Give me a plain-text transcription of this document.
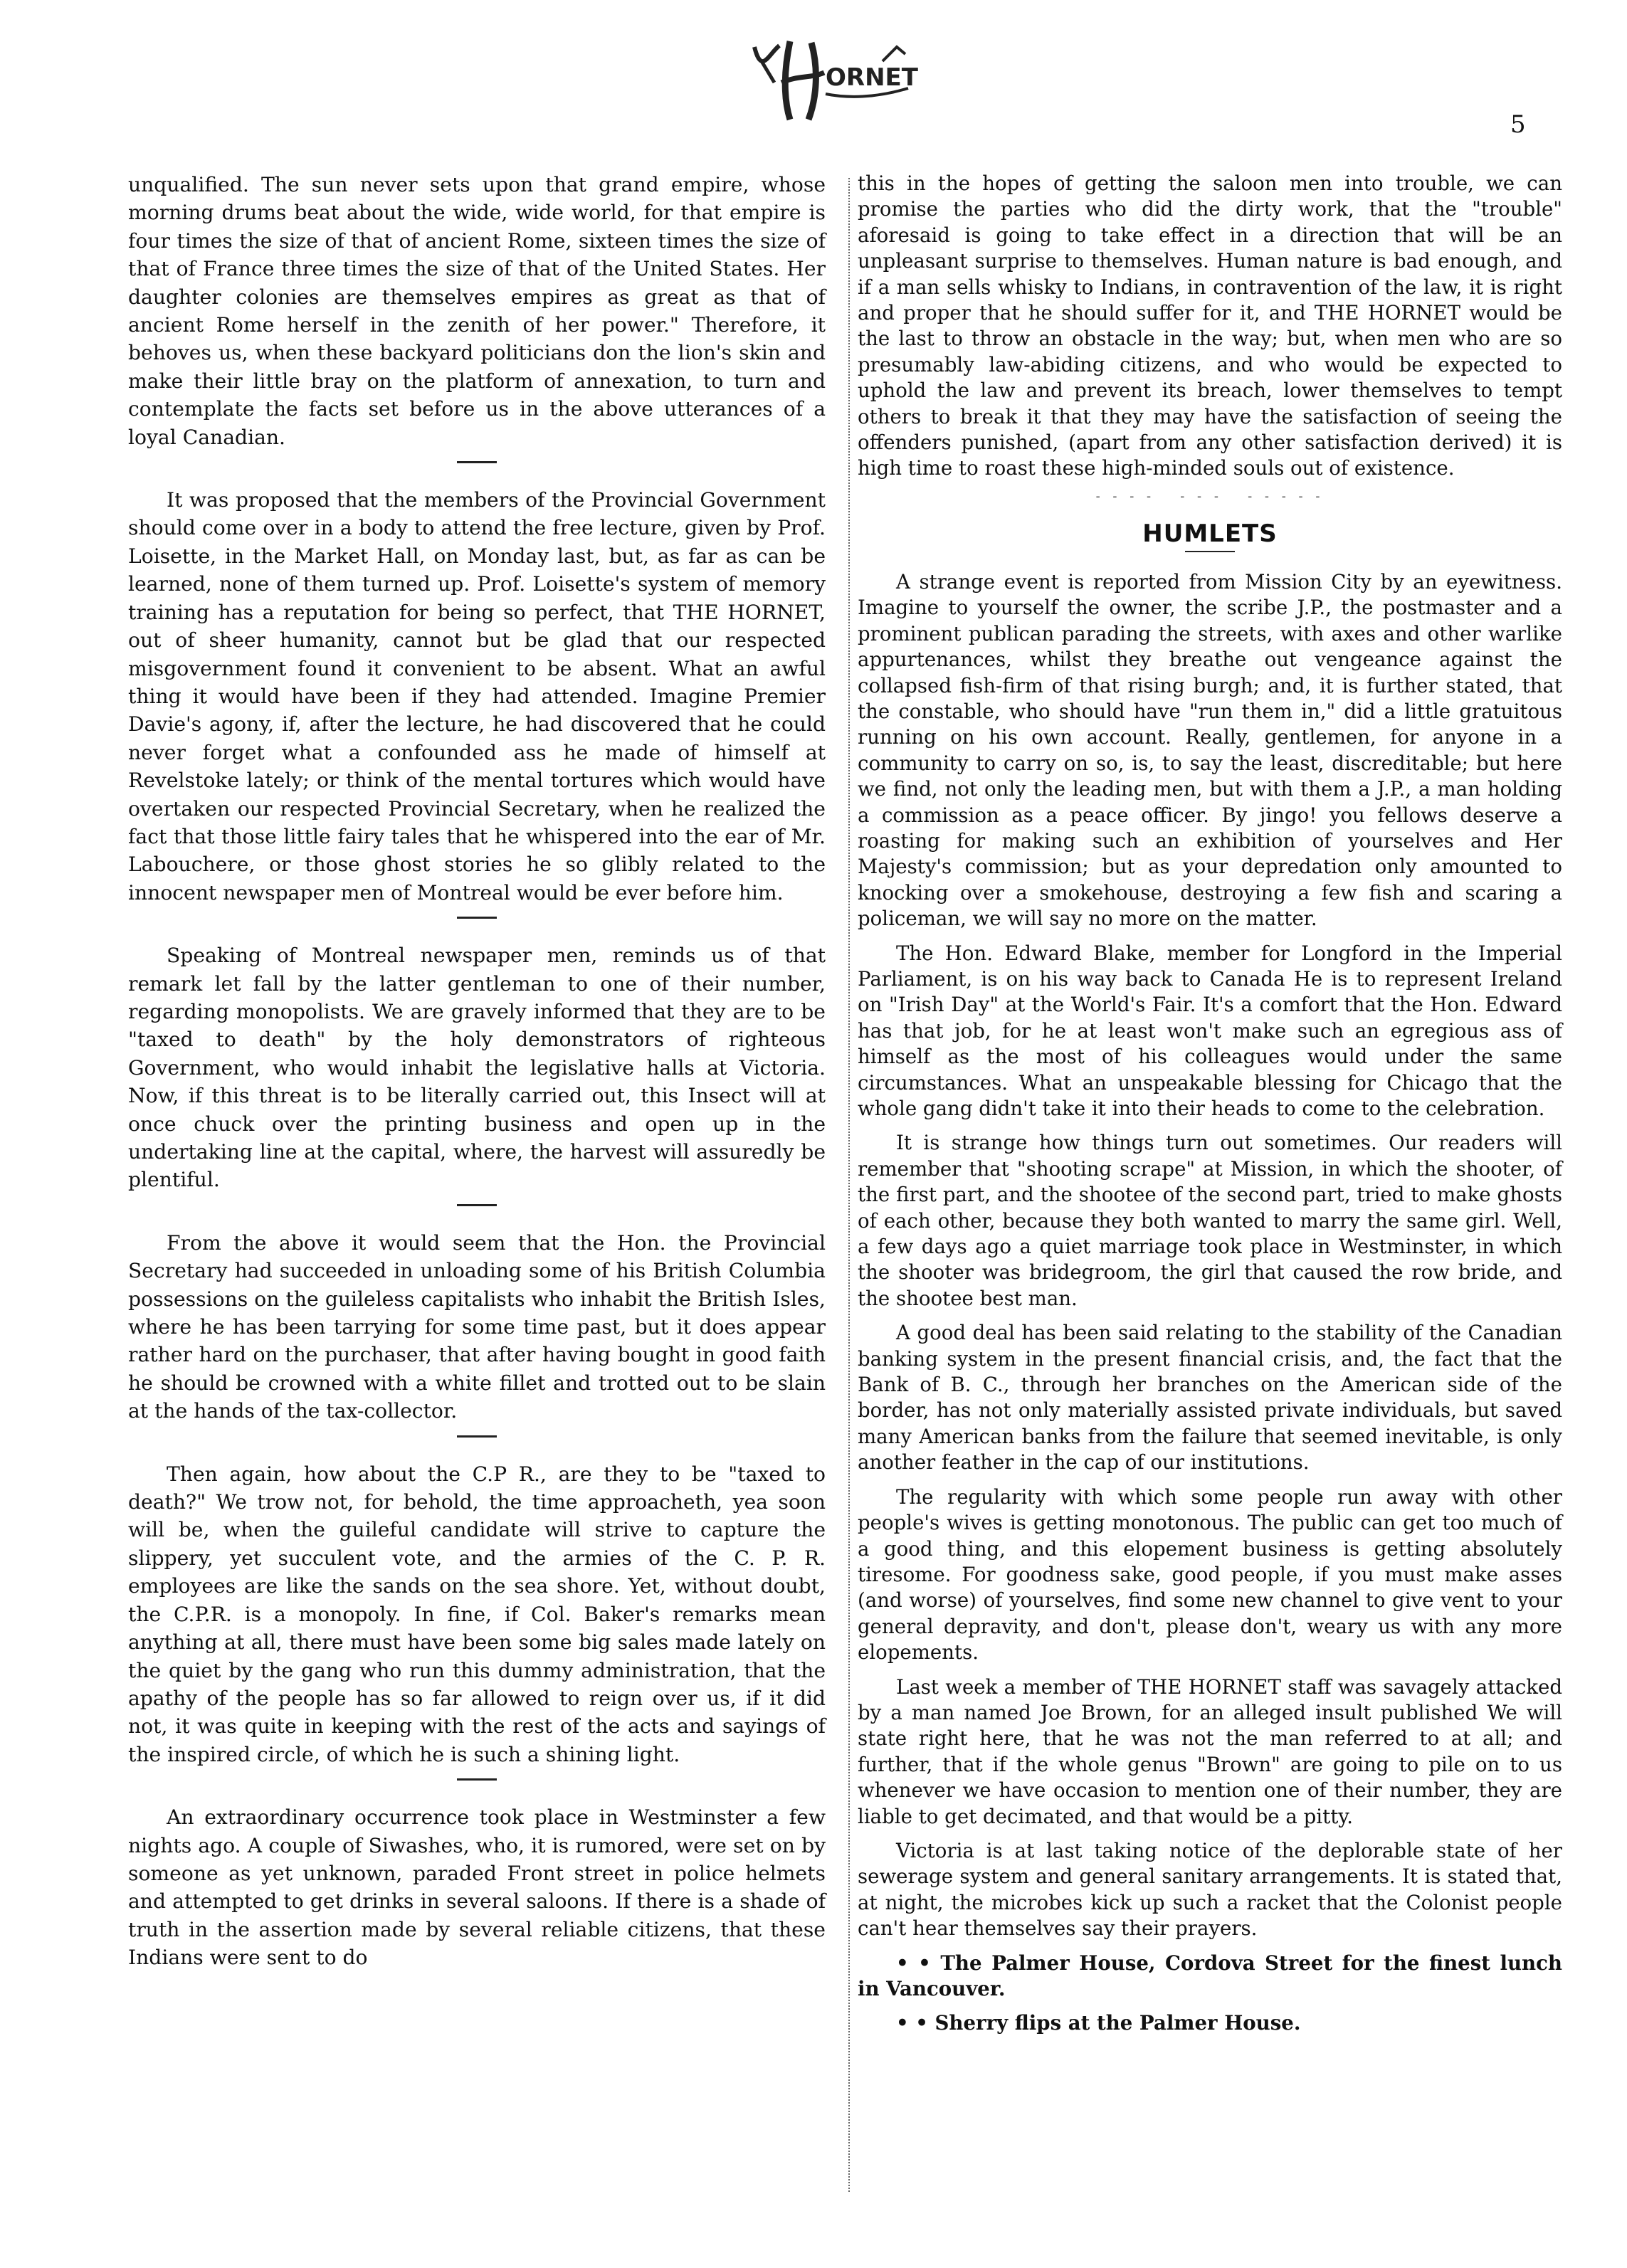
ORNET
5

unqualified. The sun never sets upon that grand empire, whose morning drums beat about the wide, wide world, for that empire is four times the size of that of ancient Rome, sixteen times the size of that of France three times the size of that of the United States. Her daughter colonies are themselves empires as great as that of ancient Rome herself in the zenith of her power." Therefore, it behoves us, when these backyard politicians don the lion's skin and make their little bray on the platform of annexation, to turn and contemplate the facts set before us in the above utterances of a loyal Canadian.

It was proposed that the members of the Provincial Government should come over in a body to attend the free lecture, given by Prof. Loisette, in the Market Hall, on Monday last, but, as far as can be learned, none of them turned up. Prof. Loisette's system of memory training has a reputation for being so perfect, that THE HORNET, out of sheer humanity, cannot but be glad that our respected misgovernment found it convenient to be absent. What an awful thing it would have been if they had attended. Imagine Premier Davie's agony, if, after the lecture, he had discovered that he could never forget what a confounded ass he made of himself at Revelstoke lately; or think of the mental tortures which would have overtaken our respected Provincial Secretary, when he realized the fact that those little fairy tales that he whispered into the ear of Mr. Labouchere, or those ghost stories he so glibly related to the innocent newspaper men of Montreal would be ever before him.

Speaking of Montreal newspaper men, reminds us of that remark let fall by the latter gentleman to one of their number, regarding monopolists. We are gravely informed that they are to be "taxed to death" by the holy demonstrators of righteous Government, who would inhabit the legislative halls at Victoria. Now, if this threat is to be literally carried out, this Insect will at once chuck over the printing business and open up in the undertaking line at the capital, where, the harvest will assuredly be plentiful.

From the above it would seem that the Hon. the Provincial Secretary had succeeded in unloading some of his British Columbia possessions on the guileless capitalists who inhabit the British Isles, where he has been tarrying for some time past, but it does appear rather hard on the purchaser, that after having bought in good faith he should be crowned with a white fillet and trotted out to be slain at the hands of the tax-collector.

Then again, how about the C.P R., are they to be "taxed to death?" We trow not, for behold, the time approacheth, yea soon will be, when the guileful candidate will strive to capture the slippery, yet succulent vote, and the armies of the C. P. R. employees are like the sands on the sea shore. Yet, without doubt, the C.P.R. is a monopoly. In fine, if Col. Baker's remarks mean anything at all, there must have been some big sales made lately on the quiet by the gang who run this dummy administration, that the apathy of the people has so far allowed to reign over us, if it did not, it was quite in keeping with the rest of the acts and sayings of the inspired circle, of which he is such a shining light.

An extraordinary occurrence took place in Westminster a few nights ago. A couple of Siwashes, who, it is rumored, were set on by someone as yet unknown, paraded Front street in police helmets and attempted to get drinks in several saloons. If there is a shade of truth in the assertion made by several reliable citizens, that these Indians were sent to do

this in the hopes of getting the saloon men into trouble, we can promise the parties who did the dirty work, that the "trouble" aforesaid is going to take effect in a direction that will be an unpleasant surprise to themselves. Human nature is bad enough, and if a man sells whisky to Indians, in contravention of the law, it is right and proper that he should suffer for it, and THE HORNET would be the last to throw an obstacle in the way; but, when men who are so presumably law-abiding citizens, and who would be expected to uphold the law and prevent its breach, lower themselves to tempt others to break it that they may have the satisfaction of seeing the offenders punished, (apart from any other satisfaction derived) it is high time to roast these high-minded souls out of existence.

- - - -   - - -   - - - - -
HUMLETS

A strange event is reported from Mission City by an eyewitness. Imagine to yourself the owner, the scribe J.P., the postmaster and a prominent publican parading the streets, with axes and other warlike appurtenances, whilst they breathe out vengeance against the collapsed fish-firm of that rising burgh; and, it is further stated, that the constable, who should have "run them in," did a little gratuitous running on his own account. Really, gentlemen, for anyone in a community to carry on so, is, to say the least, discreditable; but here we find, not only the leading men, but with them a J.P., a man holding a commission as a peace officer. By jingo! you fellows deserve a roasting for making such an exhibition of yourselves and Her Majesty's commission; but as your depredation only amounted to knocking over a smokehouse, destroying a few fish and scaring a policeman, we will say no more on the matter.

The Hon. Edward Blake, member for Longford in the Imperial Parliament, is on his way back to Canada He is to represent Ireland on "Irish Day" at the World's Fair. It's a comfort that the Hon. Edward has that job, for he at least won't make such an egregious ass of himself as the most of his colleagues would under the same circumstances. What an unspeakable blessing for Chicago that the whole gang didn't take it into their heads to come to the celebration.

It is strange how things turn out sometimes. Our readers will remember that "shooting scrape" at Mission, in which the shooter, of the first part, and the shootee of the second part, tried to make ghosts of each other, because they both wanted to marry the same girl. Well, a few days ago a quiet marriage took place in Westminster, in which the shooter was bridegroom, the girl that caused the row bride, and the shootee best man.

A good deal has been said relating to the stability of the Canadian banking system in the present financial crisis, and, the fact that the Bank of B. C., through her branches on the American side of the border, has not only materially assisted private individuals, but saved many American banks from the failure that seemed inevitable, is only another feather in the cap of our institutions.

The regularity with which some people run away with other people's wives is getting monotonous. The public can get too much of a good thing, and this elopement business is getting absolutely tiresome. For goodness sake, good people, if you must make asses (and worse) of yourselves, find some new channel to give vent to your general depravity, and don't, please don't, weary us with any more elopements.

Last week a member of THE HORNET staff was savagely attacked by a man named Joe Brown, for an alleged insult published We will state right here, that he was not the man referred to at all; and further, that if the whole genus "Brown" are going to pile on to us whenever we have occasion to mention one of their number, they are liable to get decimated, and that would be a pitty.

Victoria is at last taking notice of the deplorable state of her sewerage system and general sanitary arrangements. It is stated that, at night, the microbes kick up such a racket that the Colonist people can't hear themselves say their prayers.

• • The Palmer House, Cordova Street for the finest lunch in Vancouver.

• • Sherry flips at the Palmer House.
